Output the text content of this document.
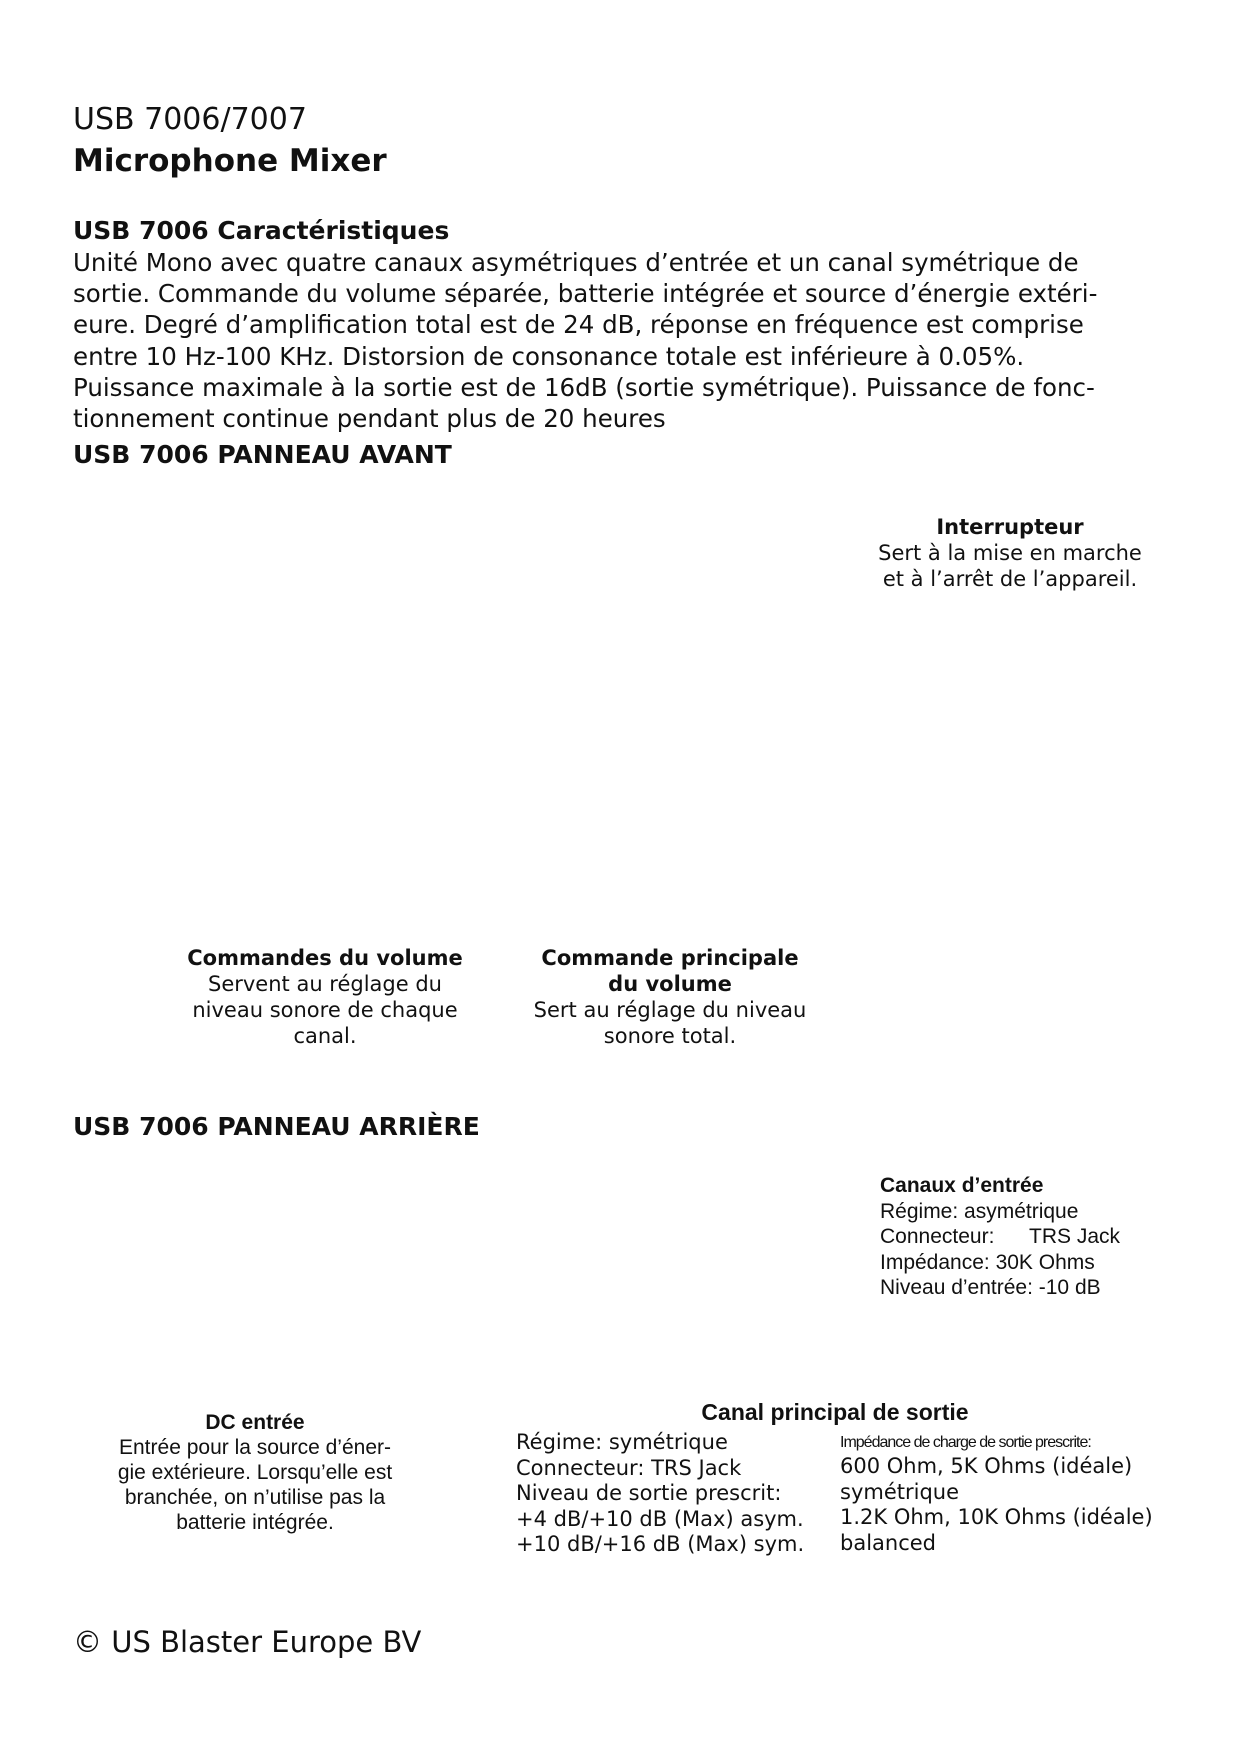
USB 7006/7007
Microphone Mixer
USB 7006 Caractéristiques
Unité Mono avec quatre canaux asymétriques d’entrée et un canal symétrique de
sortie. Commande du volume séparée, batterie intégrée et source d’énergie extéri-
eure. Degré d’amplification total est de 24 dB, réponse en fréquence est comprise
entre 10 Hz-100 KHz. Distorsion de consonance totale est inférieure à 0.05%.
Puissance maximale à la sortie est de 16dB (sortie symétrique). Puissance de fonc-
tionnement continue pendant plus de 20 heures
USB 7006 PANNEAU AVANT
Interrupteur
Sert à la mise en marche
et à l’arrêt de l’appareil.
Commandes du volume
Servent au réglage du
niveau sonore de chaque
canal.
Commande principale
du volume
Sert au réglage du niveau
sonore total.
USB 7006 PANNEAU ARRIÈRE
Canaux d’entrée
Régime: asymétrique
Connecteur:      TRS Jack
Impédance: 30K Ohms
Niveau d’entrée: -10 dB
DC entrée
Entrée pour la source d’éner-
gie extérieure. Lorsqu’elle est
branchée, on n’utilise pas la
batterie intégrée.
Canal principal de sortie
Régime: symétrique
Connecteur: TRS Jack
Niveau de sortie prescrit:
+4 dB/+10 dB (Max) asym.
+10 dB/+16 dB (Max) sym.
Impédance de charge de sortie prescrite:
600 Ohm, 5K Ohms (idéale)
symétrique
1.2K Ohm, 10K Ohms (idéale)
balanced
© US Blaster Europe BV
